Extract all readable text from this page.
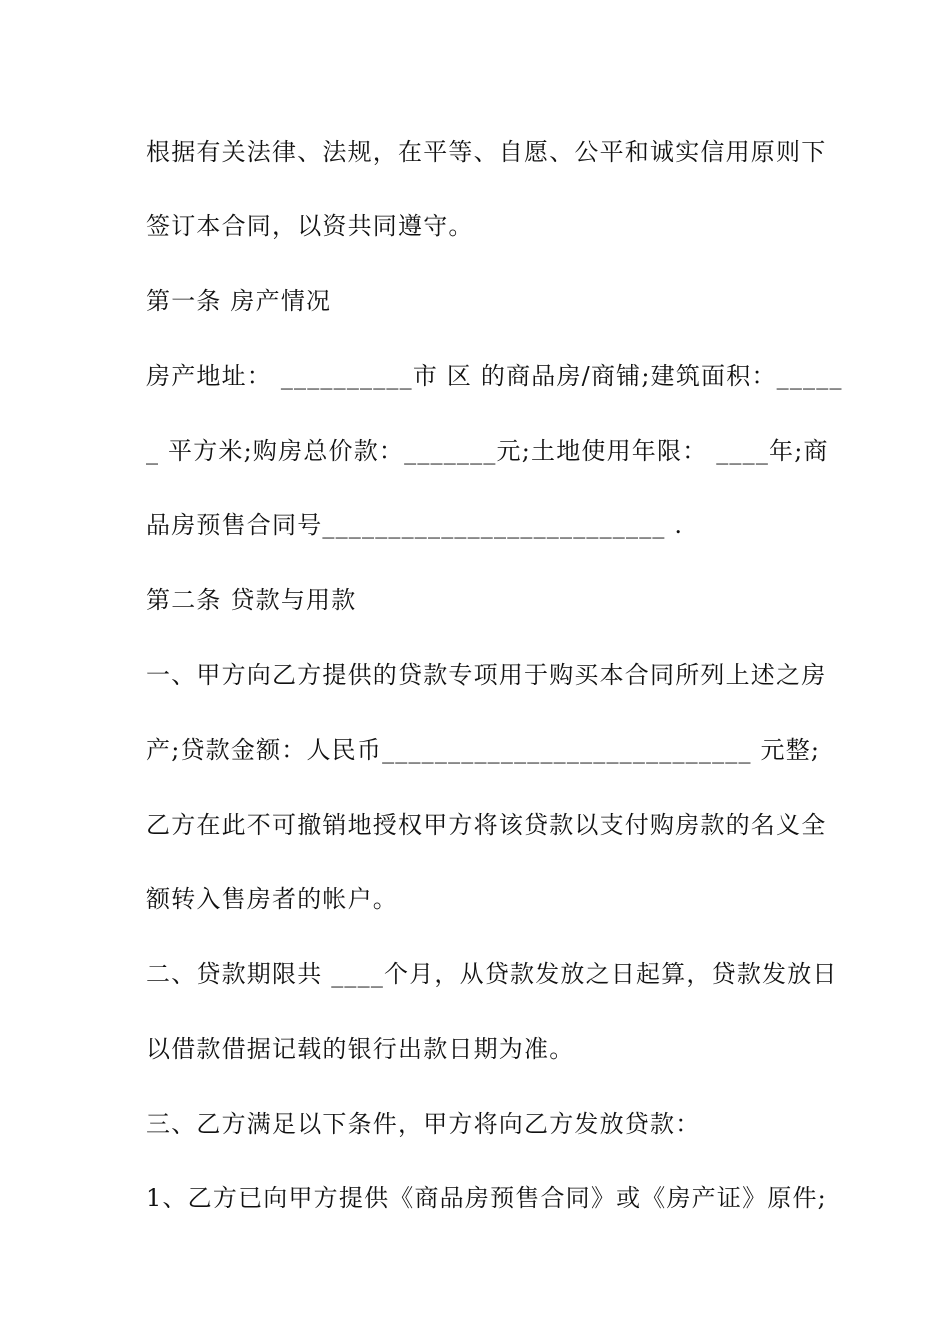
根据有关法律、法规，在平等、自愿、公平和诚实信用原则下
签订本合同，以资共同遵守。
第一条 房产情况
房产地址： __________市 区 的商品房/商铺;建筑面积：_____
_ 平方米;购房总价款：_______元;土地使用年限： ____年;商
品房预售合同号__________________________ .
第二条 贷款与用款
一、甲方向乙方提供的贷款专项用于购买本合同所列上述之房
产;贷款金额：人民币____________________________ 元整;
乙方在此不可撤销地授权甲方将该贷款以支付购房款的名义全
额转入售房者的帐户。
二、贷款期限共 ____个月，从贷款发放之日起算，贷款发放日
以借款借据记载的银行出款日期为准。
三、乙方满足以下条件，甲方将向乙方发放贷款：
1、乙方已向甲方提供《商品房预售合同》或《房产证》原件;
